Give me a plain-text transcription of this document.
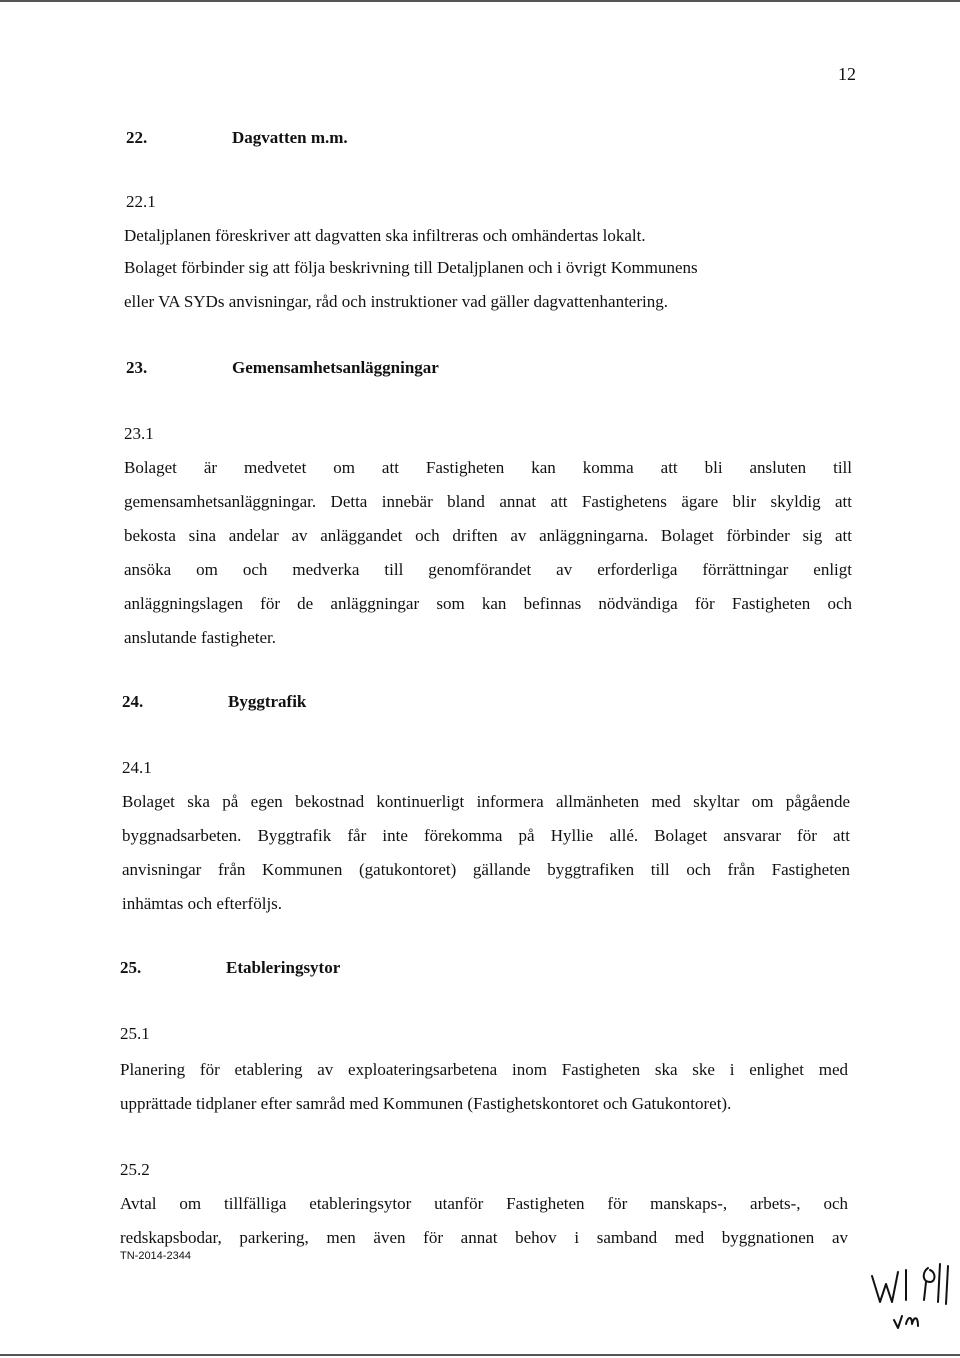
12
22.	Dagvatten m.m.
22.1
Detaljplanen föreskriver att dagvatten ska infiltreras och omhändertas lokalt.
Bolaget förbinder sig att följa beskrivning till Detaljplanen och i övrigt Kommunens
eller VA SYDs anvisningar, råd och instruktioner vad gäller dagvattenhantering.
23.	Gemensamhetsanläggningar
23.1
Bolaget är medvetet om att Fastigheten kan komma att bli ansluten till
gemensamhetsanläggningar. Detta innebär bland annat att Fastighetens ägare blir skyldig att
bekosta sina andelar av anläggandet och driften av anläggningarna. Bolaget förbinder sig att
ansöka om och medverka till genomförandet av erforderliga förrättningar enligt
anläggningslagen för de anläggningar som kan befinnas nödvändiga för Fastigheten och
anslutande fastigheter.
24.	Byggtrafik
24.1
Bolaget ska på egen bekostnad kontinuerligt informera allmänheten med skyltar om pågående
byggnadsarbeten. Byggtrafik får inte förekomma på Hyllie allé. Bolaget ansvarar för att
anvisningar från Kommunen (gatukontoret) gällande byggtrafiken till och från Fastigheten
inhämtas och efterföljs.
25.	Etableringsytor
25.1
Planering för etablering av exploateringsarbetena inom Fastigheten ska ske i enlighet med
upprättade tidplaner efter samråd med Kommunen (Fastighetskontoret och Gatukontoret).
25.2
Avtal om tillfälliga etableringsytor utanför Fastigheten för manskaps-, arbets-, och
redskapsbodar, parkering, men även för annat behov i samband med byggnationen av
TN-2014-2344
